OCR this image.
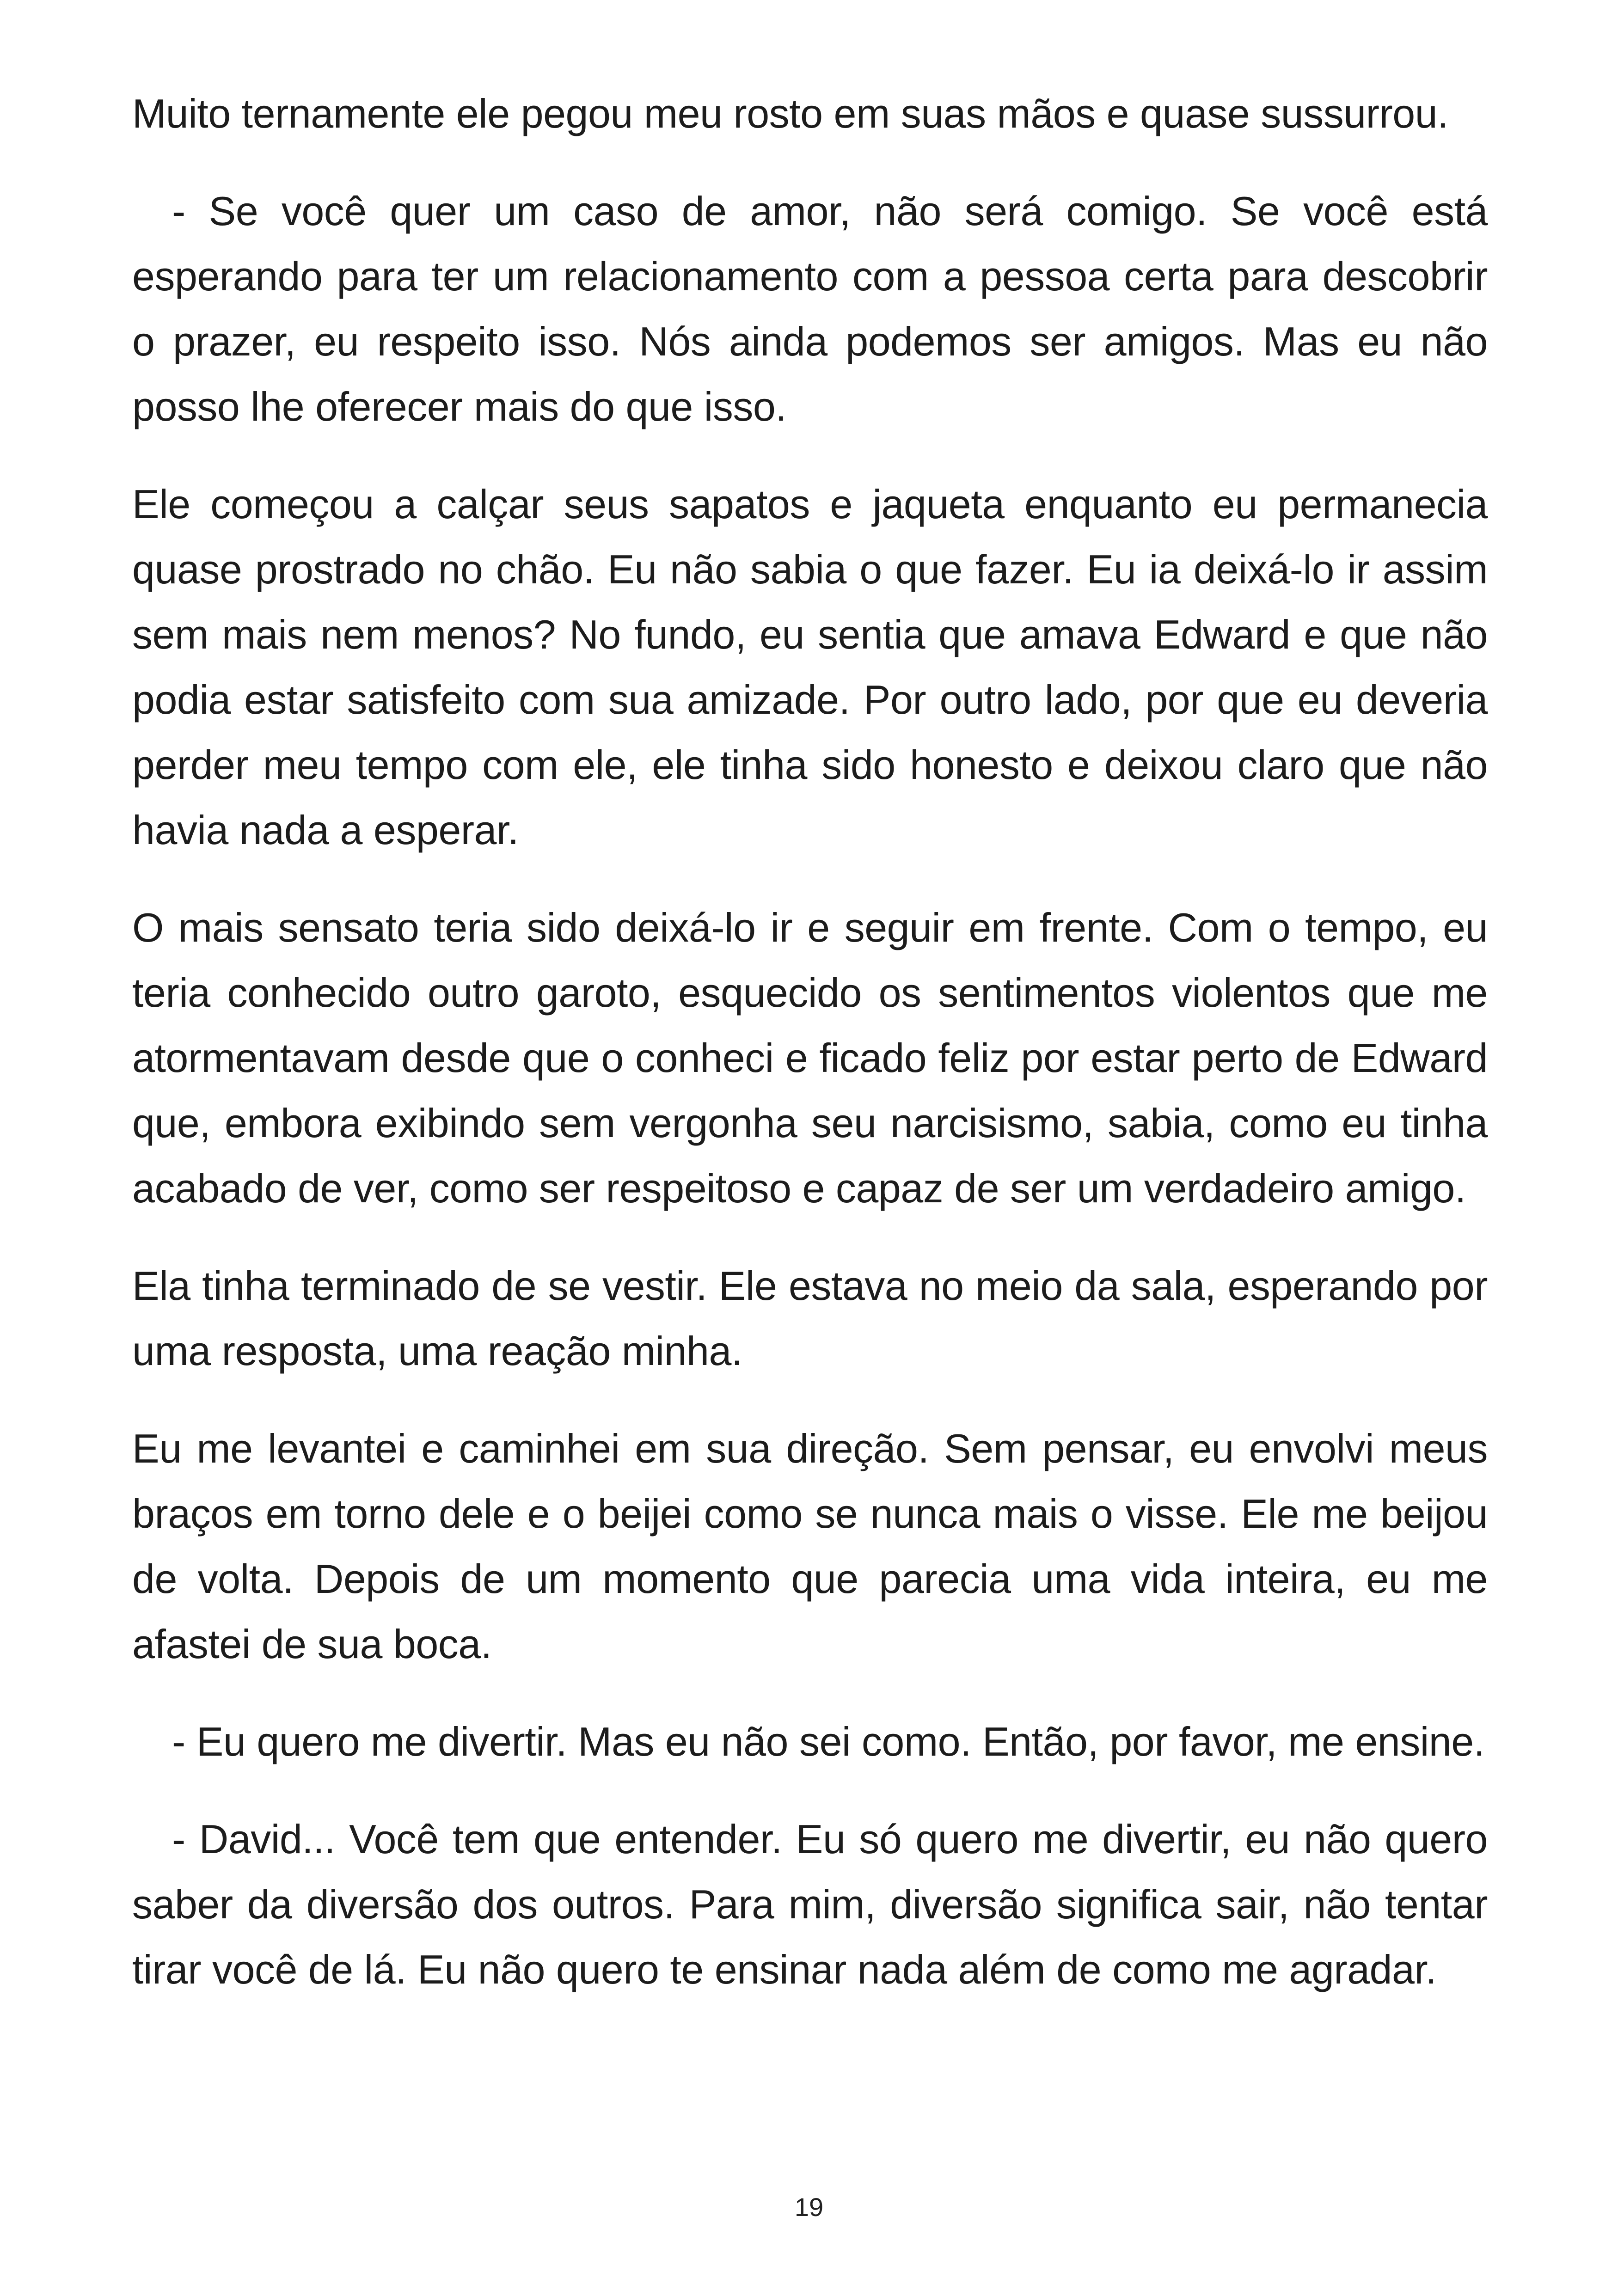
Muito ternamente ele pegou meu rosto em suas mãos e quase sussurrou.

- Se você quer um caso de amor, não será comigo. Se você está esperando para ter um relacionamento com a pessoa certa para descobrir o prazer, eu respeito isso. Nós ainda podemos ser amigos. Mas eu não posso lhe oferecer mais do que isso.

Ele começou a calçar seus sapatos e jaqueta enquanto eu permanecia quase prostrado no chão. Eu não sabia o que fazer. Eu ia deixá-lo ir assim sem mais nem menos? No fundo, eu sentia que amava Edward e que não podia estar satisfeito com sua amizade. Por outro lado, por que eu deveria perder meu tempo com ele, ele tinha sido honesto e deixou claro que não havia nada a esperar.

O mais sensato teria sido deixá-lo ir e seguir em frente. Com o tempo, eu teria conhecido outro garoto, esquecido os sentimentos violentos que me atormentavam desde que o conheci e ficado feliz por estar perto de Edward que, embora exibindo sem vergonha seu narcisismo, sabia, como eu tinha acabado de ver, como ser respeitoso e capaz de ser um verdadeiro amigo.

Ela tinha terminado de se vestir. Ele estava no meio da sala, esperando por uma resposta, uma reação minha.

Eu me levantei e caminhei em sua direção. Sem pensar, eu envolvi meus braços em torno dele e o beijei como se nunca mais o visse. Ele me beijou de volta. Depois de um momento que parecia uma vida inteira, eu me afastei de sua boca.

- Eu quero me divertir. Mas eu não sei como. Então, por favor, me ensine.

- David... Você tem que entender. Eu só quero me divertir, eu não quero saber da diversão dos outros. Para mim, diversão significa sair, não tentar tirar você de lá. Eu não quero te ensinar nada além de como me agradar.

19
